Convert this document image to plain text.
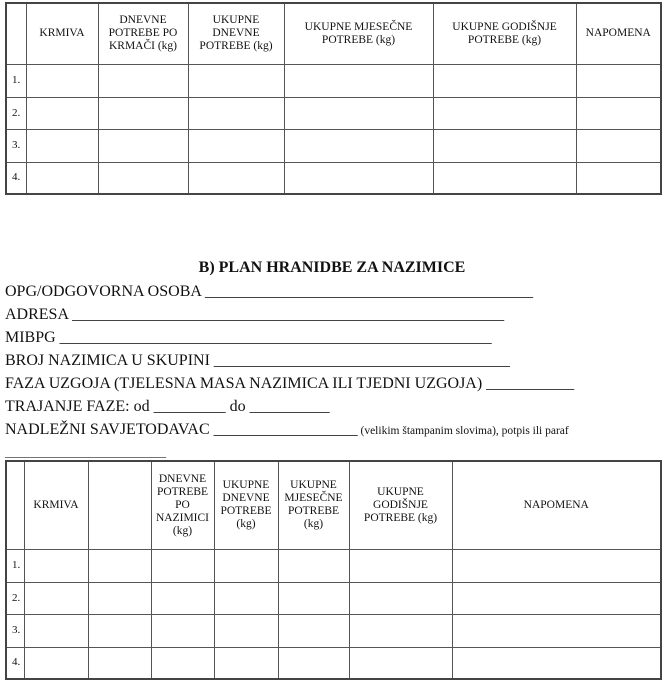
	KRMIVA	DNEVNE POTREBE PO KRMAČI (kg)	UKUPNE DNEVNE POTREBE (kg)	UKUPNE MJESEČNE POTREBE (kg)	UKUPNE GODIŠNJE POTREBE (kg)	NAPOMENA
1.						
2.						
3.						
4.						
B) PLAN HRANIDBE ZA NAZIMICE
OPG/ODGOVORNA OSOBA _________________________________________
ADRESA ______________________________________________________
MIBPG ______________________________________________________
BROJ NAZIMICA U SKUPINI _____________________________________
FAZA UZGOJA (TJELESNA MASA NAZIMICA ILI TJEDNI UZGOJA) ___________
TRAJANJE FAZE: od _________ do __________
NADLEŽNI SAVJETODAVAC __________________ (velikim štampanim slovima), potpis ili paraf
____________________________
	KRMIVA		DNEVNE POTREBE PO NAZIMICI (kg)	UKUPNE DNEVNE POTREBE (kg)	UKUPNE MJESEČNE POTREBE (kg)	UKUPNE GODIŠNJE POTREBE (kg)	NAPOMENA
1.							
2.							
3.							
4.							
